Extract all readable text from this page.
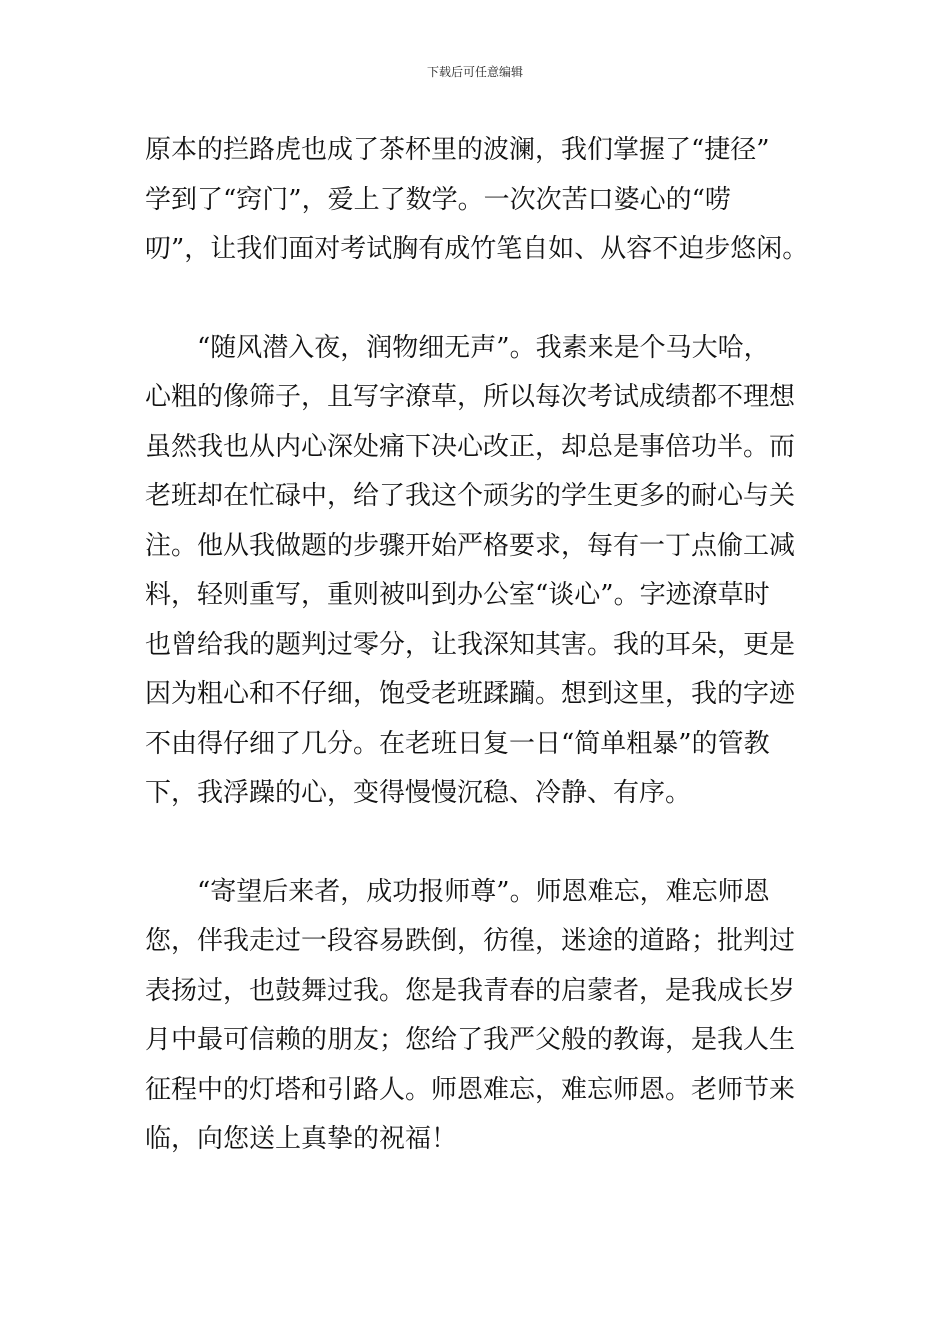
下载后可任意编辑
原本的拦路虎也成了茶杯里的波澜，我们掌握了“捷径”
学到了“窍门”，爱上了数学。一次次苦口婆心的“唠
叨”，让我们面对考试胸有成竹笔自如、从容不迫步悠闲。
“随风潜入夜，润物细无声”。我素来是个马大哈，
心粗的像筛子，且写字潦草，所以每次考试成绩都不理想
虽然我也从内心深处痛下决心改正，却总是事倍功半。而
老班却在忙碌中，给了我这个顽劣的学生更多的耐心与关
注。他从我做题的步骤开始严格要求，每有一丁点偷工减
料，轻则重写，重则被叫到办公室“谈心”。字迹潦草时
也曾给我的题判过零分，让我深知其害。我的耳朵，更是
因为粗心和不仔细，饱受老班蹂躏。想到这里，我的字迹
不由得仔细了几分。在老班日复一日“简单粗暴”的管教
下，我浮躁的心，变得慢慢沉稳、冷静、有序。
“寄望后来者，成功报师尊”。师恩难忘，难忘师恩
您，伴我走过一段容易跌倒，彷徨，迷途的道路；批判过
表扬过，也鼓舞过我。您是我青春的启蒙者，是我成长岁
月中最可信赖的朋友；您给了我严父般的教诲，是我人生
征程中的灯塔和引路人。师恩难忘，难忘师恩。老师节来
临，向您送上真挚的祝福！
